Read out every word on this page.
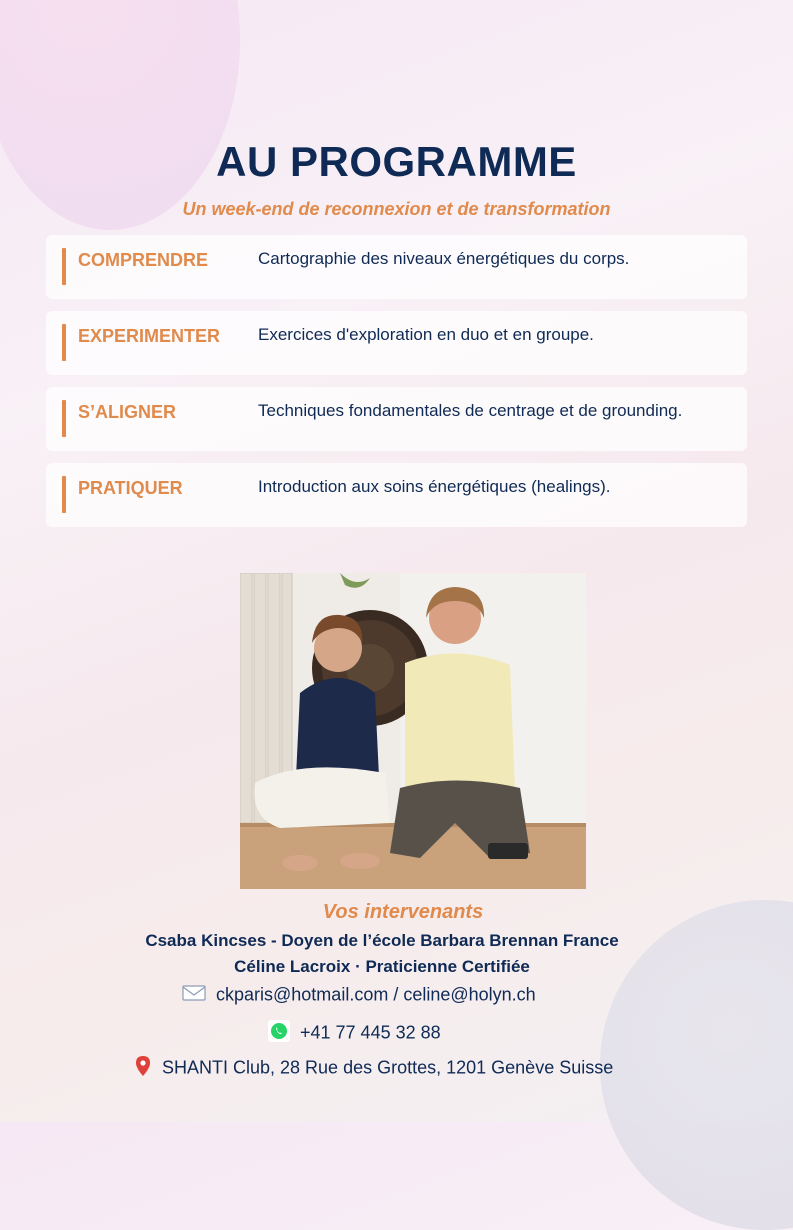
AU PROGRAMME
Un week-end de reconnexion et de transformation
COMPRENDRE	Cartographie des niveaux énergétiques du corps.
EXPERIMENTER Exercices d'exploration en duo et en groupe.
S’ALIGNER	Techniques fondamentales de centrage et de grounding.
PRATIQUER	Introduction aux soins énergétiques (healings).
Vos intervenants
Csaba Kincses - Doyen de l’école Barbara Brennan France
Céline Lacroix · Praticienne Certifiée
ckparis@hotmail.com / celine@holyn.ch
+41 77 445 32 88
SHANTI Club, 28 Rue des Grottes, 1201 Genève Suisse
